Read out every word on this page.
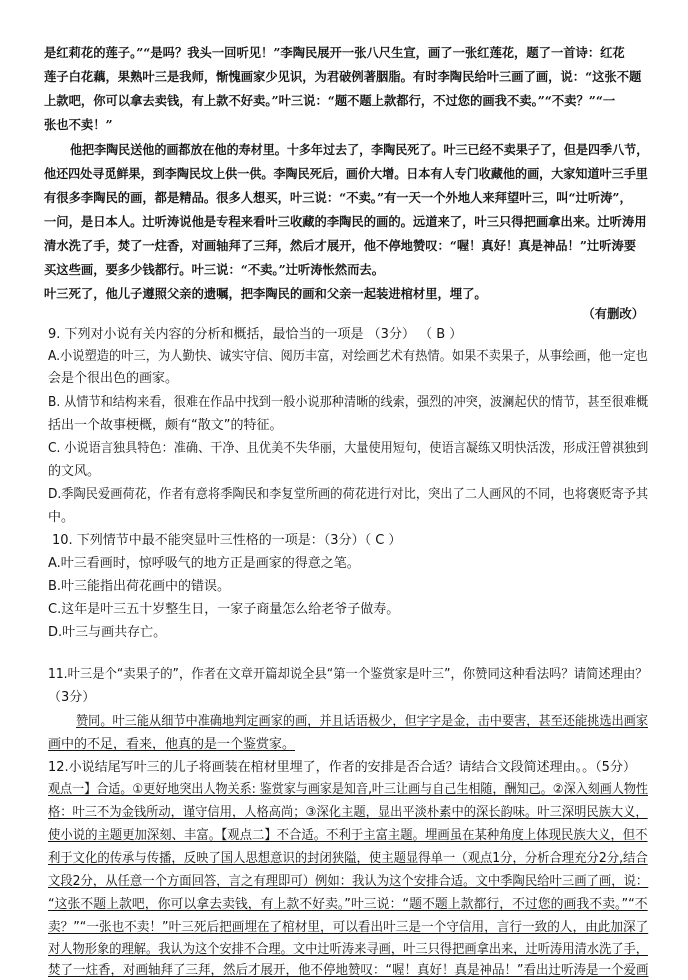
是红莉花的莲子。”“是吗？我头一回听见！”李陶民展开一张八尺生宣，画了一张红莲花，题了一首诗：红花
莲子白花藕，果熟叶三是我师，惭愧画家少见识，为君破例著胭脂。有时李陶民给叶三画了画，说：“这张不题
上款吧，你可以拿去卖钱，有上款不好卖。”叶三说：“题不题上款都行，不过您的画我不卖。”“不卖？”“一
张也不卖！”
他把李陶民送他的画都放在他的寿材里。十多年过去了，李陶民死了。叶三已经不卖果子了，但是四季八节，
他还四处寻觅鲜果，到李陶民坟上供一供。李陶民死后，画价大增。日本有人专门收藏他的画，大家知道叶三手里
有很多李陶民的画，都是精品。很多人想买，叶三说：“不卖。”有一天一个外地人来拜望叶三，叫“辻听涛”，
一问，是日本人。辻听涛说他是专程来看叶三收藏的李陶民的画的。远道来了，叶三只得把画拿出来。辻听涛用
清水洗了手，焚了一炷香，对画轴拜了三拜，然后才展开，他不停地赞叹：“喔！真好！真是神品！”辻听涛要
买这些画，要多少钱都行。叶三说：“不卖。”辻听涛怅然而去。
叶三死了，他儿子遵照父亲的遗嘱，把李陶民的画和父亲一起装进棺材里，埋了。
（有删改）
9. 下列对小说有关内容的分析和概括，最恰当的一项是 （3分） （ B ）
A.小说塑造的叶三，为人勤快、诚实守信、阅历丰富，对绘画艺术有热情。如果不卖果子，从事绘画，他一定也
会是个很出色的画家。
B. 从情节和结构来看，很难在作品中找到一般小说那种清晰的线索，强烈的冲突，波澜起伏的情节，甚至很难概
括出一个故事梗概，颇有“散文”的特征。
C. 小说语言独具特色：准确、干净、且优美不失华丽，大量使用短句，使语言凝练又明快活泼，形成汪曾祺独到
的文风。
D.季陶民爱画荷花，作者有意将季陶民和李复堂所画的荷花进行对比，突出了二人画风的不同，也将褒贬寄予其
中。
10. 下列情节中最不能突显叶三性格的一项是：（3分）（ C ）
A.叶三看画时，惊呼吸气的地方正是画家的得意之笔。
B.叶三能指出荷花画中的错误。
C.这年是叶三五十岁整生日，一家子商量怎么给老爷子做寿。
D.叶三与画共存亡。
11.叶三是个“卖果子的”，作者在文章开篇却说全县“第一个鉴赏家是叶三”，你赞同这种看法吗？请简述理由？
（3分）
赞同。叶三能从细节中准确地判定画家的画，并且话语极少，但字字是金，击中要害，甚至还能挑选出画家
画中的不足，看来，他真的是一个鉴赏家。
12.小说结尾写叶三的儿子将画装在棺材里埋了，作者的安排是否合适？请结合文段简述理由。。（5分）
观点一】合适。①更好地突出人物关系: 鉴赏家与画家是知音,叶三让画与自己生相随，酬知己。②深入刻画人物性
格：叶三不为金钱所动，谨守信用，人格高尚；③深化主题，显出平淡朴素中的深长韵味。叶三深明民族大义，
使小说的主题更加深刻、丰富。【观点二】不合适。不利于主富主题。埋画虽在某种角度上体现民族大义，但不
利于文化的传承与传播，反映了国人思想意识的封闭狭隘，使主题显得单一（观点1分，分析合理充分2分,结合
文段2分，从任意一个方面回答，言之有理即可）例如：我认为这个安排合适。文中季陶民给叶三画了画，说：
“这张不题上款吧，你可以拿去卖钱，有上款不好卖。”叶三说：“题不题上款都行，不过您的画我不卖。”“不
卖？”“一张也不卖！”叶三死后把画埋在了棺材里，可以看出叶三是一个守信用，言行一致的人，由此加深了
对人物形象的理解。我认为这个安排不合理。文中辻听涛来寻画，叶三只得把画拿出来，辻听涛用清水洗了手，
焚了一炷香，对画轴拜了三拜，然后才展开，他不停地赞叹：“喔！真好！真是神品！”看出辻听涛是一个爱画
